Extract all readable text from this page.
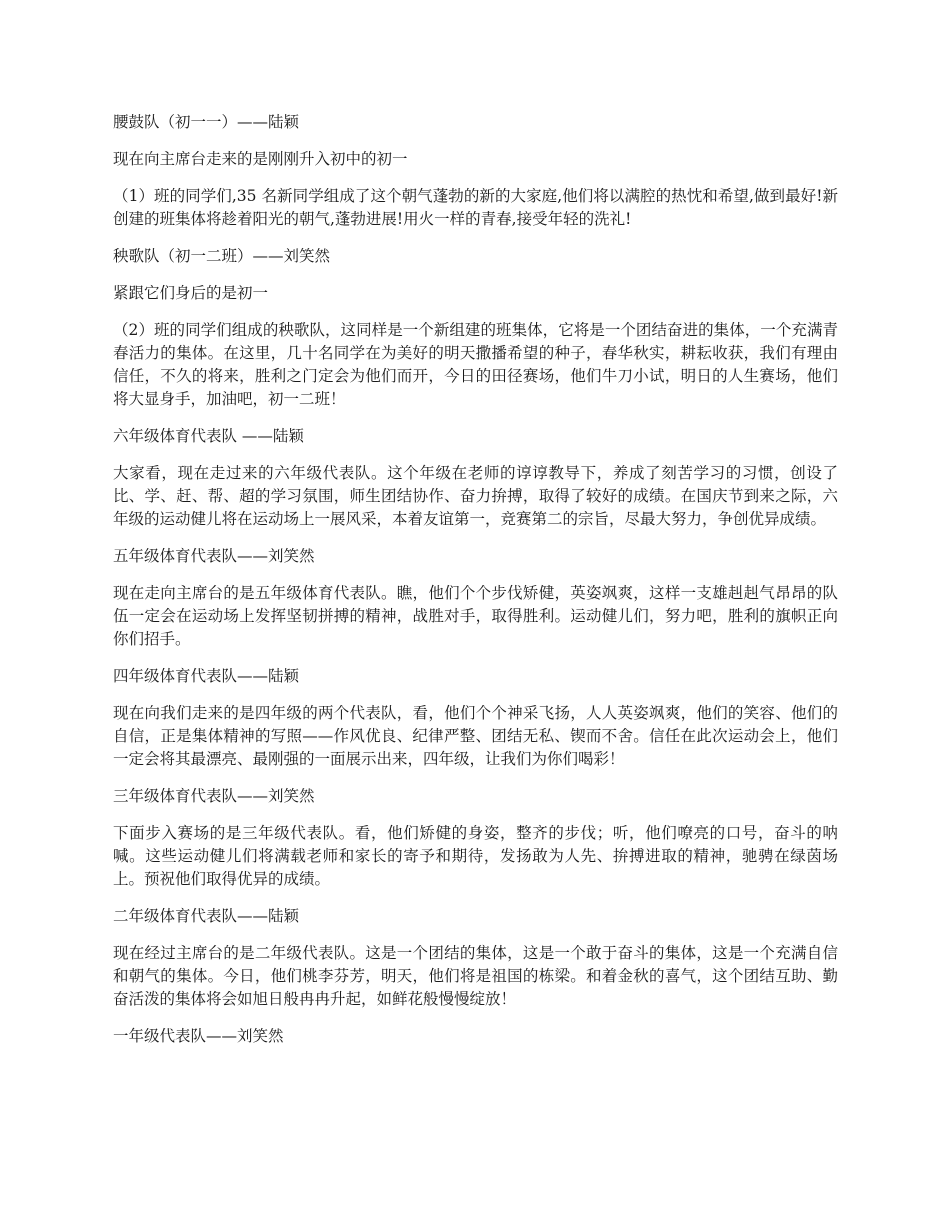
腰鼓队（初一一）——陆颖

现在向主席台走来的是刚刚升入初中的初一

（1）班的同学们,35 名新同学组成了这个朝气蓬勃的新的大家庭,他们将以满腔的热忱和希望,做到最好!新创建的班集体将趁着阳光的朝气,蓬勃进展!用火一样的青春,接受年轻的洗礼!

秧歌队（初一二班）——刘笑然

紧跟它们身后的是初一

（2）班的同学们组成的秧歌队，这同样是一个新组建的班集体，它将是一个团结奋进的集体，一个充满青春活力的集体。在这里，几十名同学在为美好的明天撒播希望的种子，春华秋实，耕耘收获，我们有理由信任，不久的将来，胜利之门定会为他们而开，今日的田径赛场，他们牛刀小试，明日的人生赛场，他们将大显身手，加油吧，初一二班！

六年级体育代表队 ——陆颖

大家看，现在走过来的六年级代表队。这个年级在老师的谆谆教导下，养成了刻苦学习的习惯，创设了比、学、赶、帮、超的学习氛围，师生团结协作、奋力拚搏，取得了较好的成绩。在国庆节到来之际，六年级的运动健儿将在运动场上一展风采，本着友谊第一，竞赛第二的宗旨，尽最大努力，争创优异成绩。

五年级体育代表队——刘笑然

现在走向主席台的是五年级体育代表队。瞧，他们个个步伐矫健，英姿飒爽，这样一支雄赳赳气昂昂的队伍一定会在运动场上发挥坚韧拼搏的精神，战胜对手，取得胜利。运动健儿们，努力吧，胜利的旗帜正向你们招手。

四年级体育代表队——陆颖

现在向我们走来的是四年级的两个代表队，看，他们个个神采飞扬，人人英姿飒爽，他们的笑容、他们的自信，正是集体精神的写照——作风优良、纪律严整、团结无私、锲而不舍。信任在此次运动会上，他们一定会将其最漂亮、最刚强的一面展示出来，四年级，让我们为你们喝彩！

三年级体育代表队——刘笑然

下面步入赛场的是三年级代表队。看，他们矫健的身姿，整齐的步伐；听，他们嘹亮的口号，奋斗的呐喊。这些运动健儿们将满载老师和家长的寄予和期待，发扬敢为人先、拚搏进取的精神，驰骋在绿茵场上。预祝他们取得优异的成绩。

二年级体育代表队——陆颖

现在经过主席台的是二年级代表队。这是一个团结的集体，这是一个敢于奋斗的集体，这是一个充满自信和朝气的集体。今日，他们桃李芬芳，明天，他们将是祖国的栋梁。和着金秋的喜气，这个团结互助、勤奋活泼的集体将会如旭日般冉冉升起，如鲜花般慢慢绽放！

一年级代表队——刘笑然
